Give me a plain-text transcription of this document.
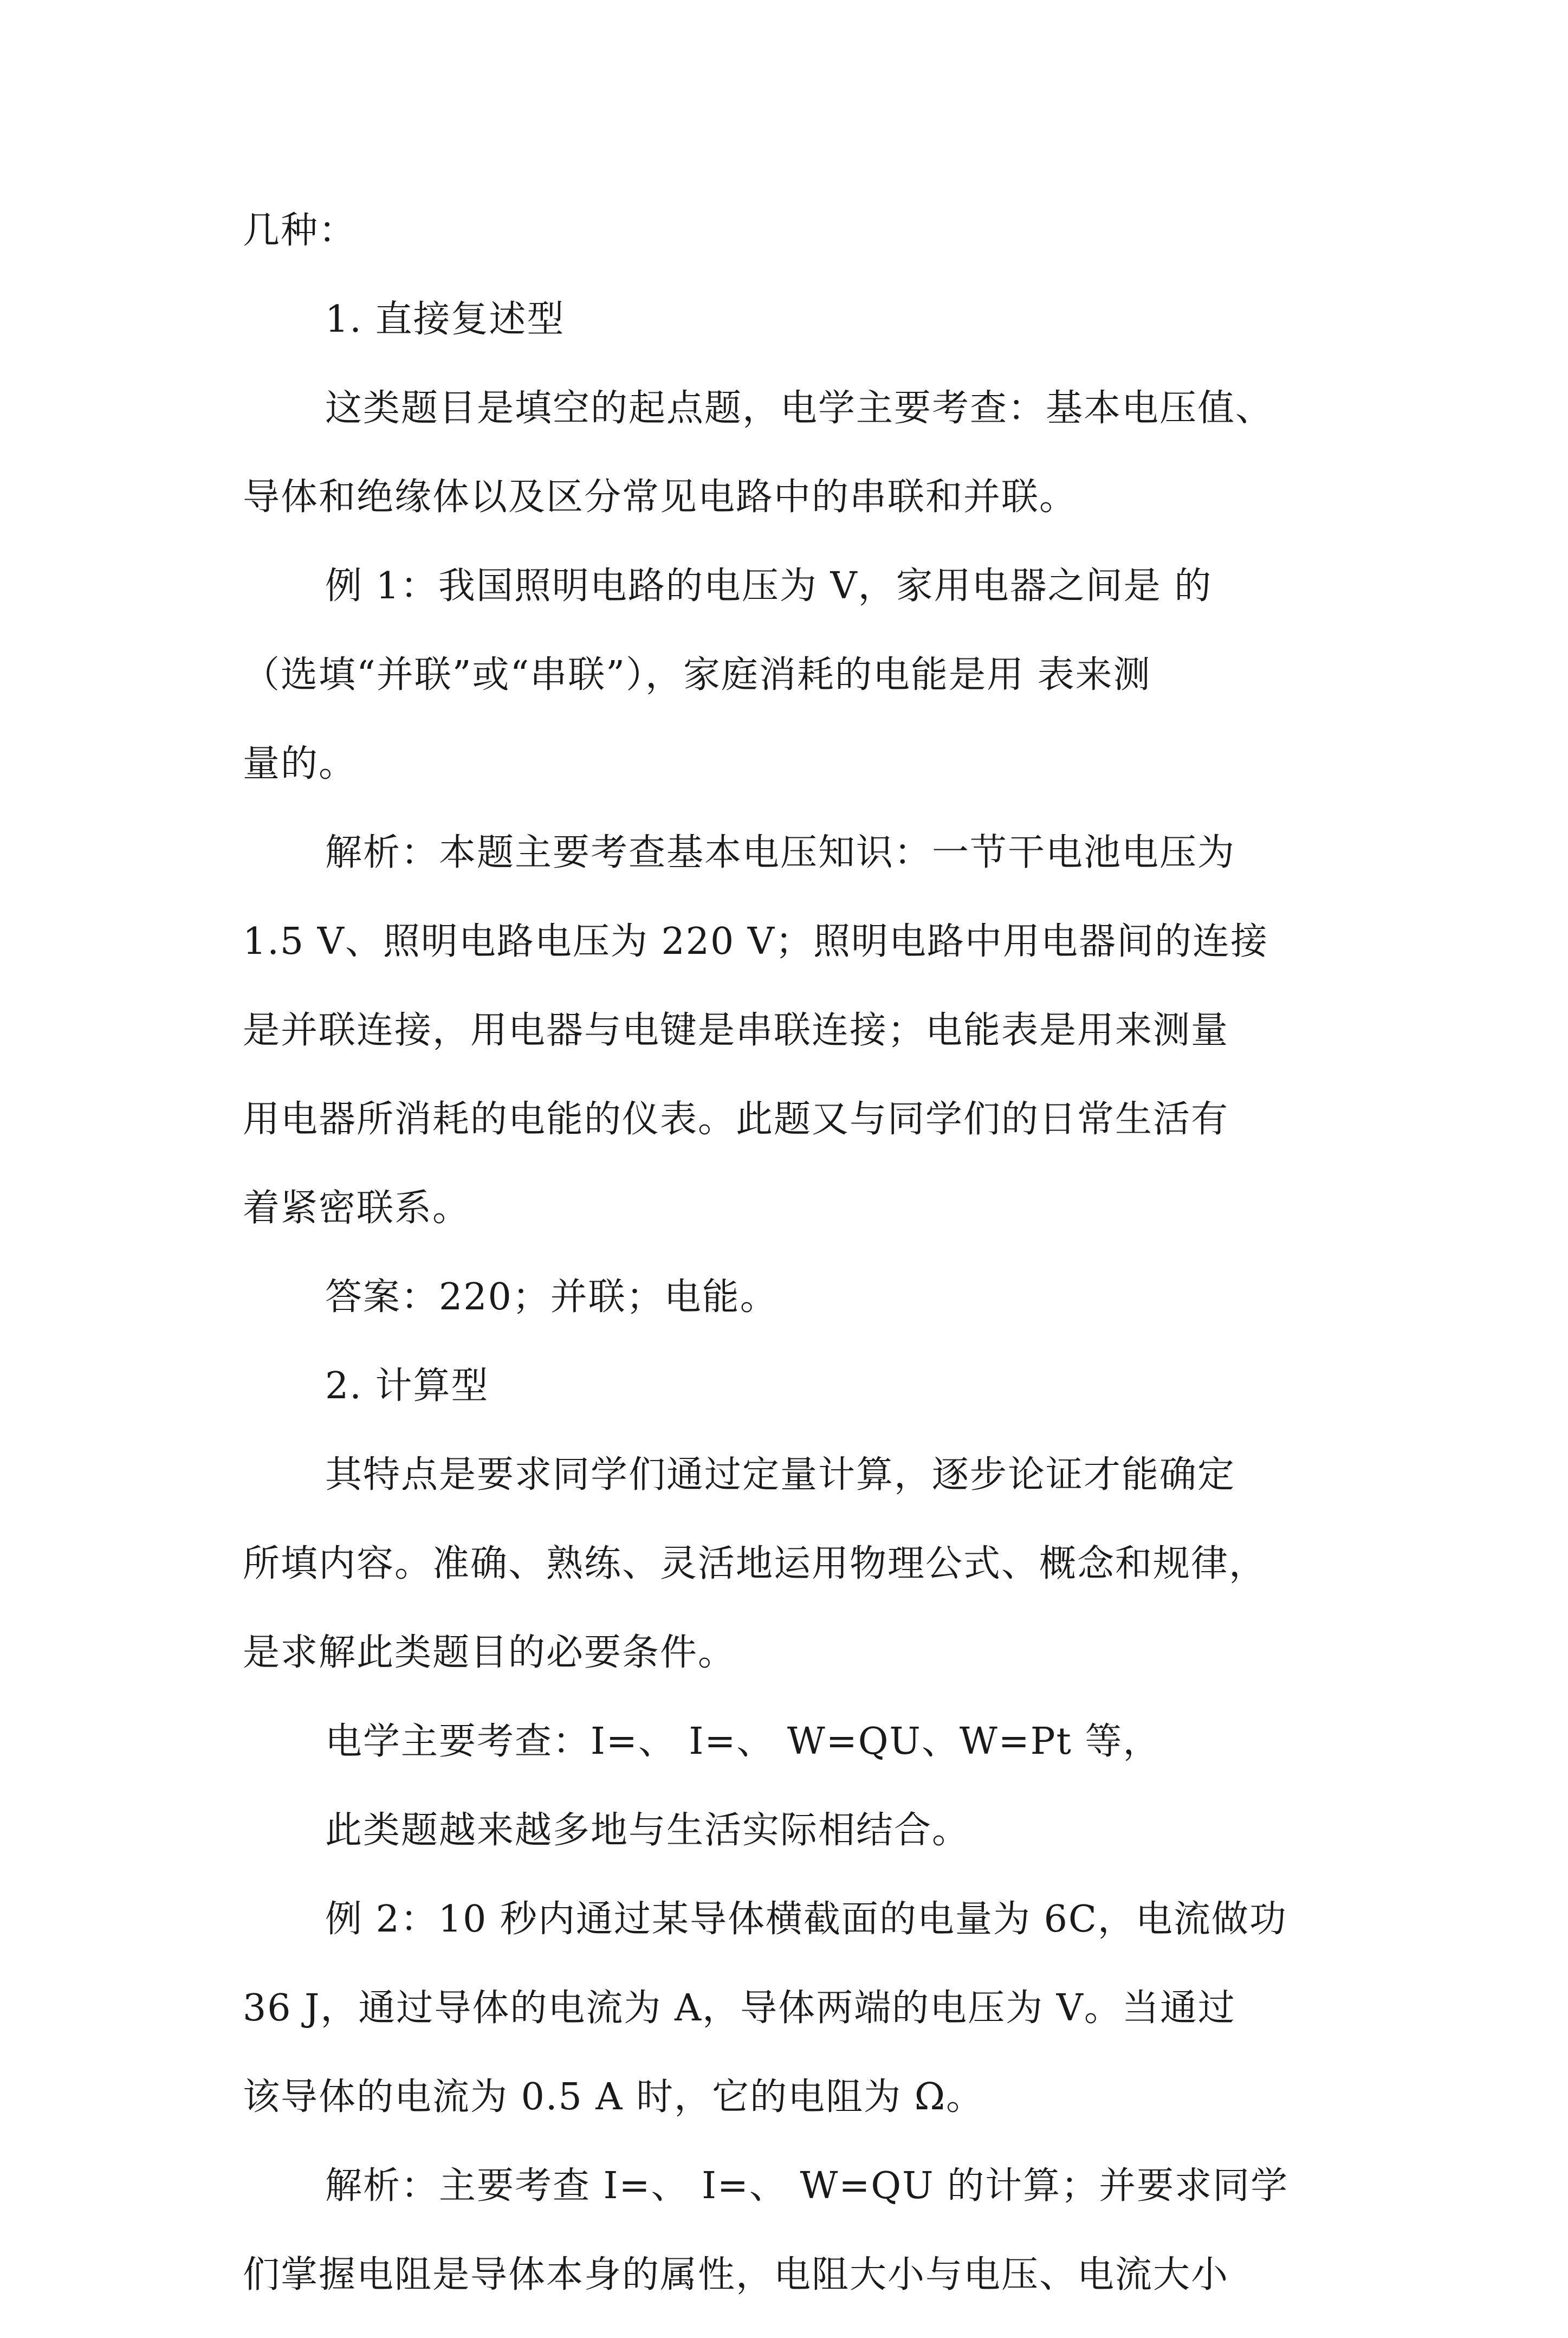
几种：
1. 直接复述型
这类题目是填空的起点题，电学主要考查：基本电压值、
导体和绝缘体以及区分常见电路中的串联和并联。
例 1：我国照明电路的电压为 V，家用电器之间是 的
（选填“并联”或“串联”），家庭消耗的电能是用 表来测
量的。
解析：本题主要考查基本电压知识：一节干电池电压为
1.5 V、照明电路电压为 220 V；照明电路中用电器间的连接
是并联连接，用电器与电键是串联连接；电能表是用来测量
用电器所消耗的电能的仪表。此题又与同学们的日常生活有
着紧密联系。
答案：220；并联；电能。
2. 计算型
其特点是要求同学们通过定量计算，逐步论证才能确定
所填内容。准确、熟练、灵活地运用物理公式、概念和规律，
是求解此类题目的必要条件。
电学主要考查：I=、 I=、 W=QU、W=Pt 等，
此类题越来越多地与生活实际相结合。
例 2：10 秒内通过某导体横截面的电量为 6C，电流做功
36 J，通过导体的电流为 A，导体两端的电压为 V。当通过
该导体的电流为 0.5 A 时，它的电阻为 Ω。
解析：主要考查 I=、 I=、 W=QU 的计算；并要求同学
们掌握电阻是导体本身的属性，电阻大小与电压、电流大小
